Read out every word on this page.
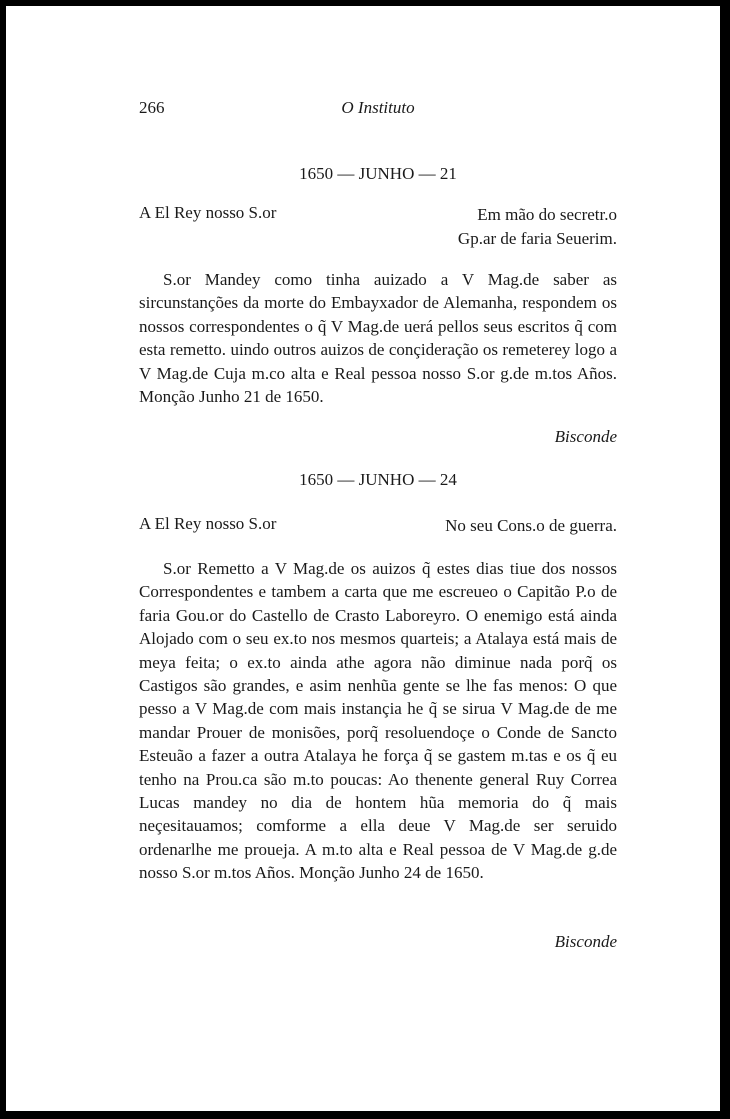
266	O Instituto
1650 — JUNHO — 21
A El Rey nosso S.or	Em mão do secretr.o
Gp.ar de faria Seuerim.

S.or Mandey como tinha auizado a V Mag.de saber as sircunstanções da morte do Embayxador de Alemanha, respondem os nossos correspondentes o q̃ V Mag.de uerá pellos seus escritos q̃ com esta remetto. uindo outros auizos de conçideração os remeterey logo a V Mag.de Cuja m.co alta e Real pessoa nosso S.or g.de m.tos Años. Monção Junho 21 de 1650.

Bisconde
1650 — JUNHO — 24
A El Rey nosso S.or	No seu Cons.o de guerra.

S.or Remetto a V Mag.de os auizos q̃ estes dias tiue dos nossos Correspondentes e tambem a carta que me escreueo o Capitão P.o de faria Gou.or do Castello de Crasto Laboreyro. O enemigo está ainda Alojado com o seu ex.to nos mesmos quarteis; a Atalaya está mais de meya feita; o ex.to ainda athe agora não diminue nada porq̃ os Castigos são grandes, e asim nenhũa gente se lhe fas menos: O que pesso a V Mag.de com mais instançia he q̃ se sirua V Mag.de de me mandar Prouer de monisões, porq̃ resoluendoçe o Conde de Sancto Esteuão a fazer a outra Atalaya he força q̃ se gastem m.tas e os q̃ eu tenho na Prou.ca são m.to poucas: Ao thenente general Ruy Correa Lucas mandey no dia de hontem hũa memoria do q̃ mais neçesitauamos; comforme a ella deue V Mag.de ser seruido ordenarlhe me proueja. A m.to alta e Real pessoa de V Mag.de g.de nosso S.or m.tos Años. Monção Junho 24 de 1650.

Bisconde
